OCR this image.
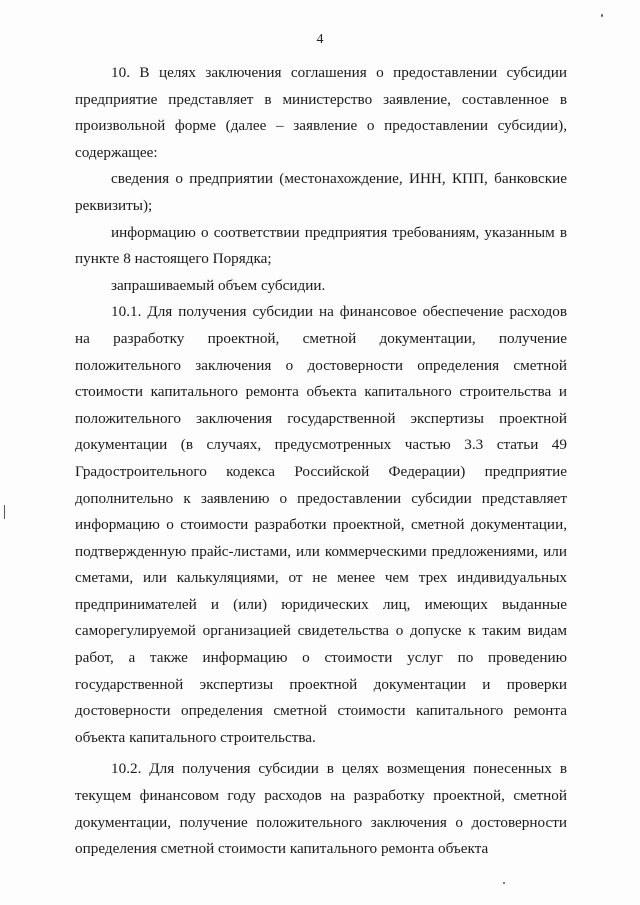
4

10. В целях заключения соглашения о предоставлении субсидии предприятие представляет в министерство заявление, составленное в произвольной форме (далее – заявление о предоставлении субсидии), содержащее:

сведения о предприятии (местонахождение, ИНН, КПП, банковские реквизиты);

информацию о соответствии предприятия требованиям, указанным в пункте 8 настоящего Порядка;

запрашиваемый объем субсидии.

10.1. Для получения субсидии на финансовое обеспечение расходов на разработку проектной, сметной документации, получение положительного заключения о достоверности определения сметной стоимости капитального ремонта объекта капитального строительства и положительного заключения государственной экспертизы проектной документации (в случаях, предусмотренных частью 3.3 статьи 49 Градостроительного кодекса Российской Федерации) предприятие дополнительно к заявлению о предоставлении субсидии представляет информацию о стоимости разработки проектной, сметной документации, подтвержденную прайс-листами, или коммерческими предложениями, или сметами, или калькуляциями, от не менее чем трех индивидуальных предпринимателей и (или) юридических лиц, имеющих выданные саморегулируемой организацией свидетельства о допуске к таким видам работ, а также информацию о стоимости услуг по проведению государственной экспертизы проектной документации и проверки достоверности определения сметной стоимости капитального ремонта объекта капитального строительства.

10.2. Для получения субсидии в целях возмещения понесенных в текущем финансовом году расходов на разработку проектной, сметной документации, получение положительного заключения о достоверности определения сметной стоимости капитального ремонта объекта
